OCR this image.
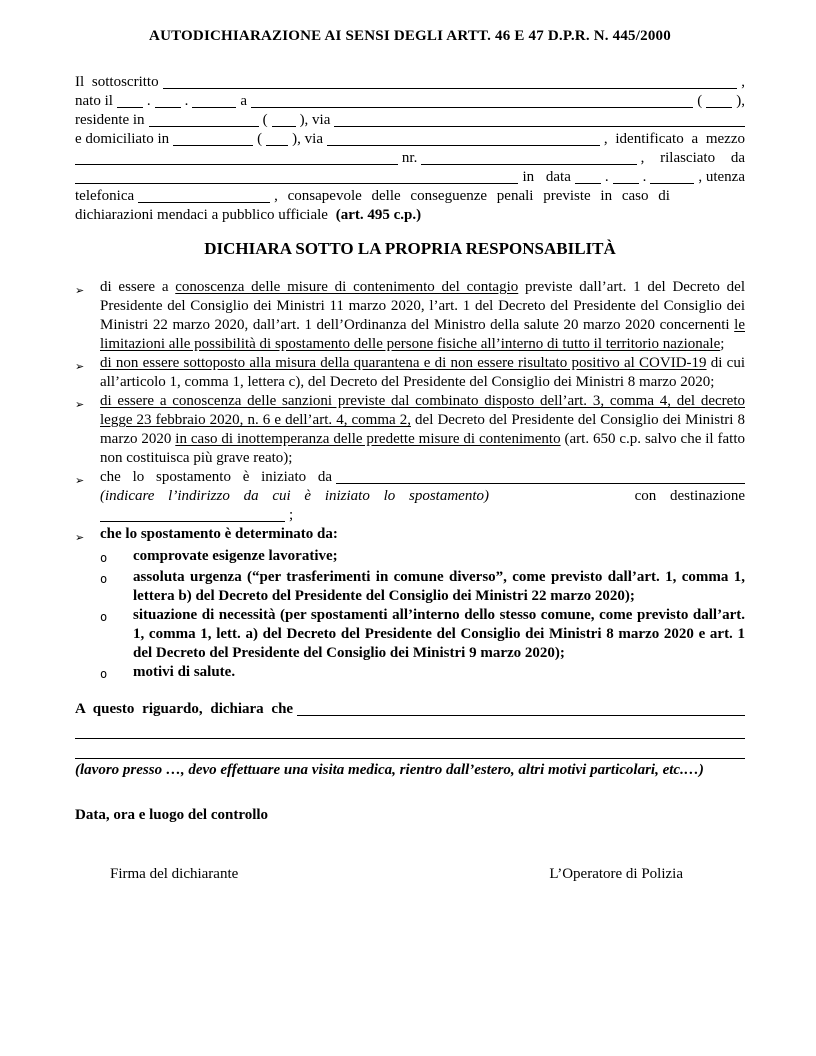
AUTODICHIARAZIONE AI SENSI DEGLI ARTT. 46 E 47 D.P.R. N. 445/2000
Il sottoscritto	,
nato il . .	a	( ),
residente in	( ), via
e domiciliato in	( ), via	, identificato a mezzo
nr.	, rilasciato da
in data . .	, utenza
telefonica	, consapevole delle conseguenze penali previste in caso di
dichiarazioni mendaci a pubblico ufficiale (art. 495 c.p.)
DICHIARA SOTTO LA PROPRIA RESPONSABILITÀ
➢	di essere a conoscenza delle misure di contenimento del contagio previste dall’art. 1 del Decreto del Presidente del Consiglio dei Ministri 11 marzo 2020, l’art. 1 del Decreto del Presidente del Consiglio dei Ministri 22 marzo 2020, dall’art. 1 dell’Ordinanza del Ministro della salute 20 marzo 2020 concernenti le limitazioni alle possibilità di spostamento delle persone fisiche all’interno di tutto il territorio nazionale;
➢	di non essere sottoposto alla misura della quarantena e di non essere risultato positivo al COVID-19 di cui all’articolo 1, comma 1, lettera c), del Decreto del Presidente del Consiglio dei Ministri 8 marzo 2020;
➢	di essere a conoscenza delle sanzioni previste dal combinato disposto dell’art. 3, comma 4, del decreto legge 23 febbraio 2020, n. 6 e dell’art. 4, comma 2, del Decreto del Presidente del Consiglio dei Ministri 8 marzo 2020 in caso di inottemperanza delle predette misure di contenimento (art. 650 c.p. salvo che il fatto non costituisca più grave reato);
➢	che lo spostamento è iniziato da
(indicare l’indirizzo da cui è iniziato lo spostamento)	con destinazione
;
➢	che lo spostamento è determinato da:
o	comprovate esigenze lavorative;
o	assoluta urgenza (“per trasferimenti in comune diverso”, come previsto dall’art. 1, comma 1, lettera b) del Decreto del Presidente del Consiglio dei Ministri 22 marzo 2020);
o	situazione di necessità (per spostamenti all’interno dello stesso comune, come previsto dall’art. 1, comma 1, lett. a) del Decreto del Presidente del Consiglio dei Ministri 8 marzo 2020 e art. 1 del Decreto del Presidente del Consiglio dei Ministri 9 marzo 2020);
o	motivi di salute.
A questo riguardo, dichiara che
(lavoro presso …, devo effettuare una visita medica, rientro dall’estero, altri motivi particolari, etc.…)
Data, ora e luogo del controllo
Firma del dichiarante	L’Operatore di Polizia
